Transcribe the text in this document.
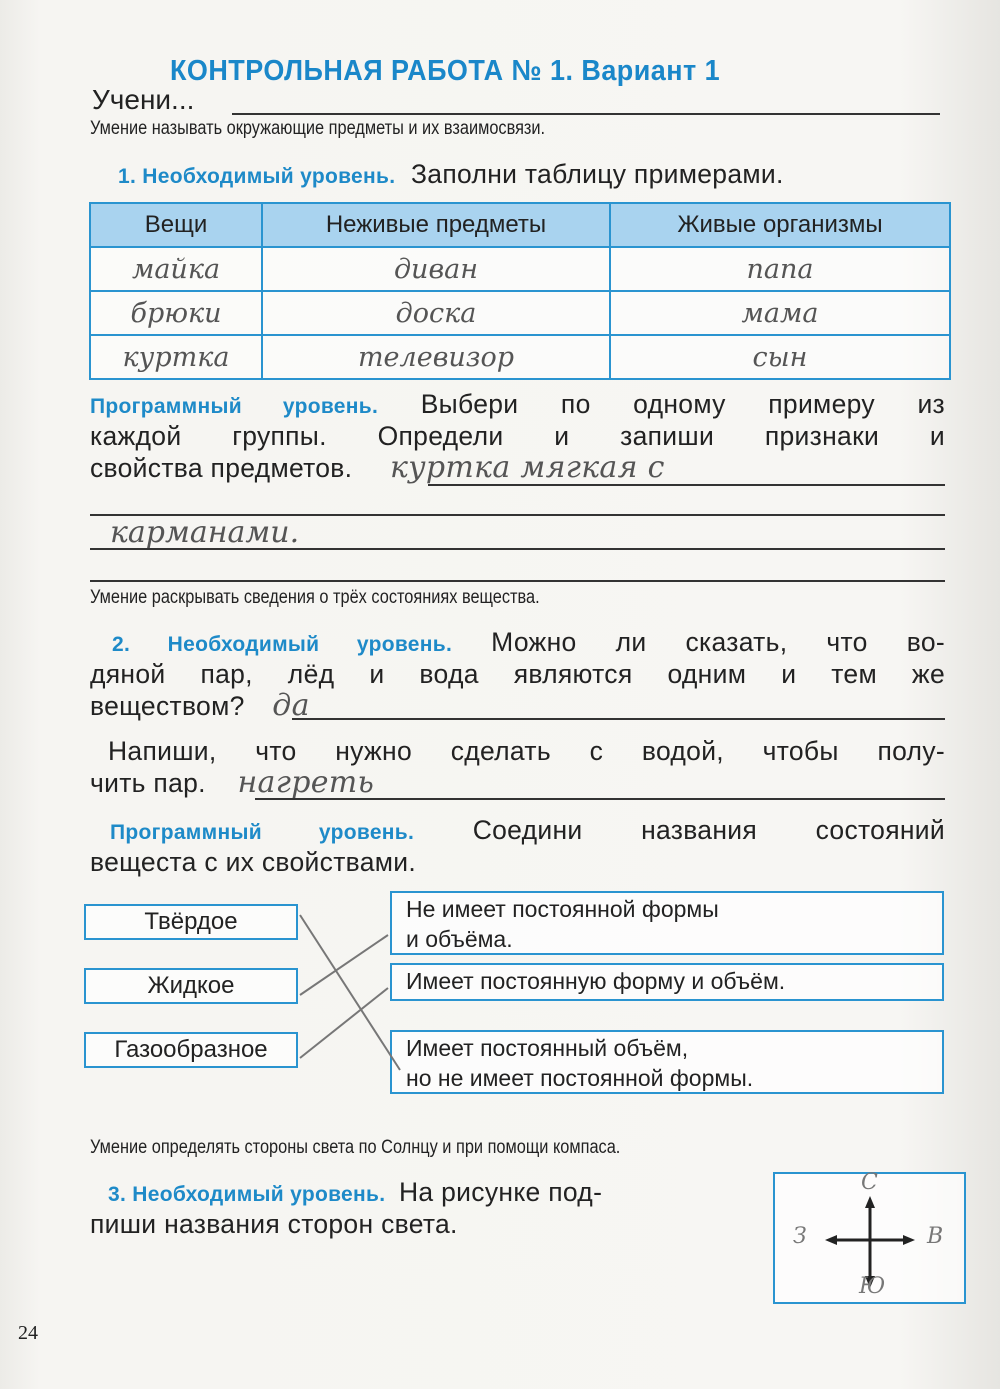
КОНТРОЛЬНАЯ РАБОТА № 1. Вариант 1
Учени...
Умение называть окружающие предметы и их взаимосвязи.
1. Необходимый уровень. Заполни таблицу примерами.
Вещи	Неживые предметы	Живые организмы
майка	диван	папа
брюки	доска	мама
куртка	телевизор	сын
Программный уровень. Выбери по одному примеру из
каждой группы. Определи и запиши признаки и
свойства предметов. куртка мягкая с
карманами.
Умение раскрывать сведения о трёх состояниях вещества.
2. Необходимый уровень. Можно ли сказать, что во-
дяной пар, лёд и вода являются одним и тем же
веществом? да
Напиши, что нужно сделать с водой, чтобы полу-
чить пар. нагреть
Программный уровень. Соедини названия состояний
вещеста с их свойствами.
Твёрдое
Жидкое
Газообразное
Не имеет постоянной формы
и объёма.
Имеет постоянную форму и объём.
Имеет постоянный объём,
но не имеет постоянной формы.
Умение определять стороны света по Солнцу и при помощи компаса.
3. Необходимый уровень. На рисунке под-
пиши названия сторон света.
С
З	В
Ю
24
